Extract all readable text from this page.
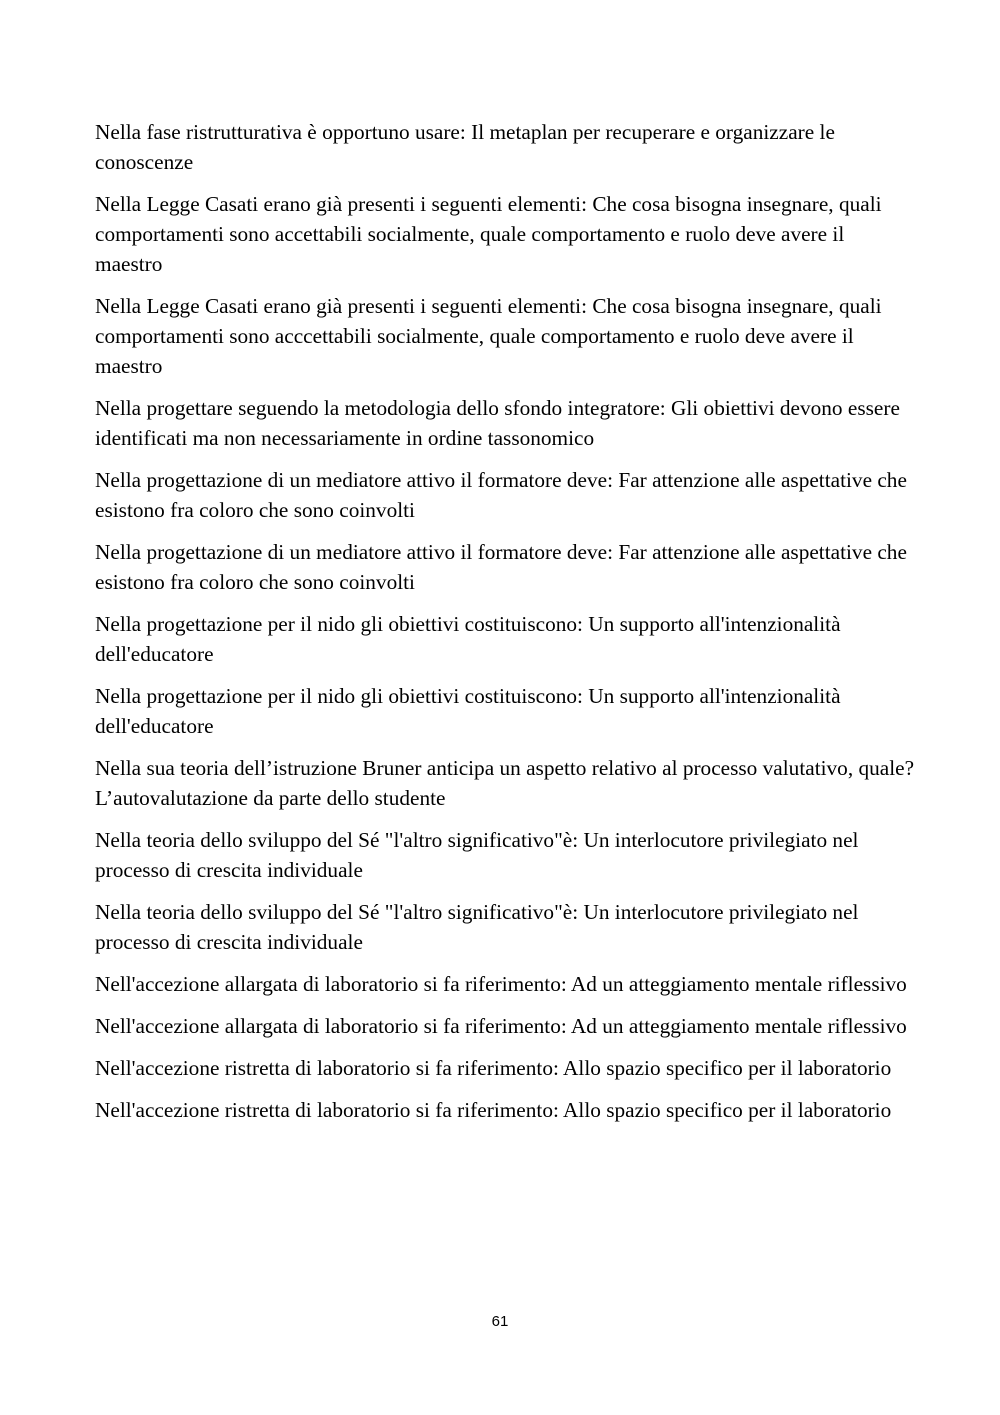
Nella fase ristrutturativa è opportuno usare: Il metaplan per recuperare e organizzare le conoscenze

Nella Legge Casati erano già presenti i seguenti elementi: Che cosa bisogna insegnare, quali comportamenti sono accettabili socialmente, quale comportamento e ruolo deve avere il maestro

Nella Legge Casati erano già presenti i seguenti elementi: Che cosa bisogna insegnare, quali comportamenti sono acccettabili socialmente, quale comportamento e ruolo deve avere il maestro

Nella progettare seguendo la metodologia dello sfondo integratore: Gli obiettivi devono essere identificati ma non necessariamente in ordine tassonomico

Nella progettazione di un mediatore attivo il formatore deve: Far attenzione alle aspettative che esistono fra coloro che sono coinvolti

Nella progettazione di un mediatore attivo il formatore deve: Far attenzione alle aspettative che esistono fra coloro che sono coinvolti

Nella progettazione per il nido gli obiettivi costituiscono: Un supporto all'intenzionalità dell'educatore

Nella progettazione per il nido gli obiettivi costituiscono: Un supporto all'intenzionalità dell'educatore

Nella sua teoria dell’istruzione Bruner anticipa un aspetto relativo al processo valutativo, quale? L’autovalutazione da parte dello studente

Nella teoria dello sviluppo del Sé "l'altro significativo"è: Un interlocutore privilegiato nel processo di crescita individuale

Nella teoria dello sviluppo del Sé "l'altro significativo"è: Un interlocutore privilegiato nel processo di crescita individuale

Nell'accezione allargata di laboratorio si fa riferimento: Ad un atteggiamento mentale riflessivo

Nell'accezione allargata di laboratorio si fa riferimento: Ad un atteggiamento mentale riflessivo

Nell'accezione ristretta di laboratorio si fa riferimento: Allo spazio specifico per il laboratorio

Nell'accezione ristretta di laboratorio si fa riferimento: Allo spazio specifico per il laboratorio

61
